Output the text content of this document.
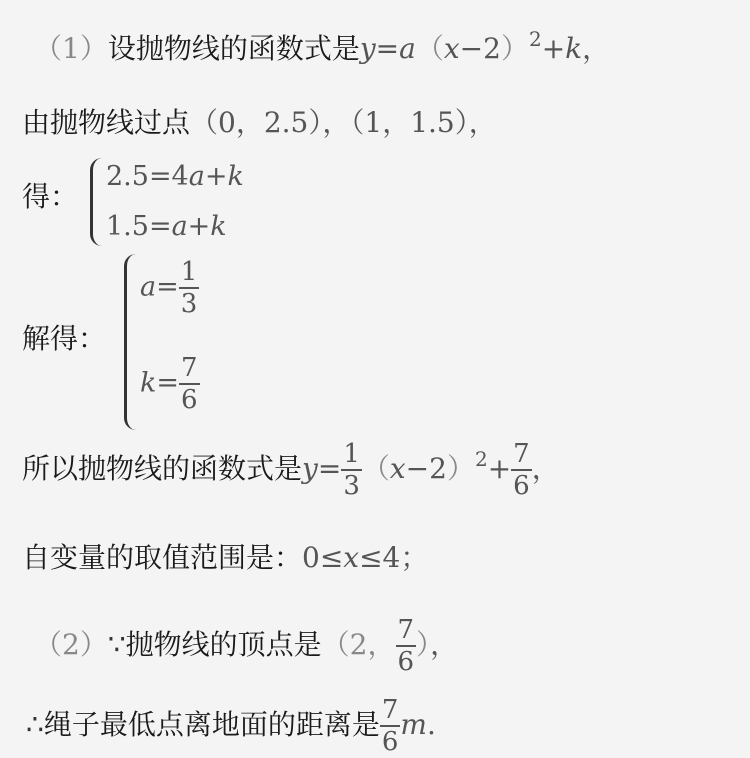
（1）设抛物线的函数式是$y=a(x-2)^2+k$，
由抛物线过点（0，2.5），（1，1.5），
得：
2.5=4a+k
1.5=a+k
解得：
$a= \frac{1}{3}$
$k= \frac{7}{6}$
所以抛物线的函数式是$y= \frac{1}{3} (x-2)^2+ \frac{7}{6}$ ，
自变量的取值范围是：0≤x≤4；
（2）∵抛物线的顶点是（2， $\frac{7}{6}$ ），
∴绳子最低点离地面的距离是 $\frac{7}{6} m$.
